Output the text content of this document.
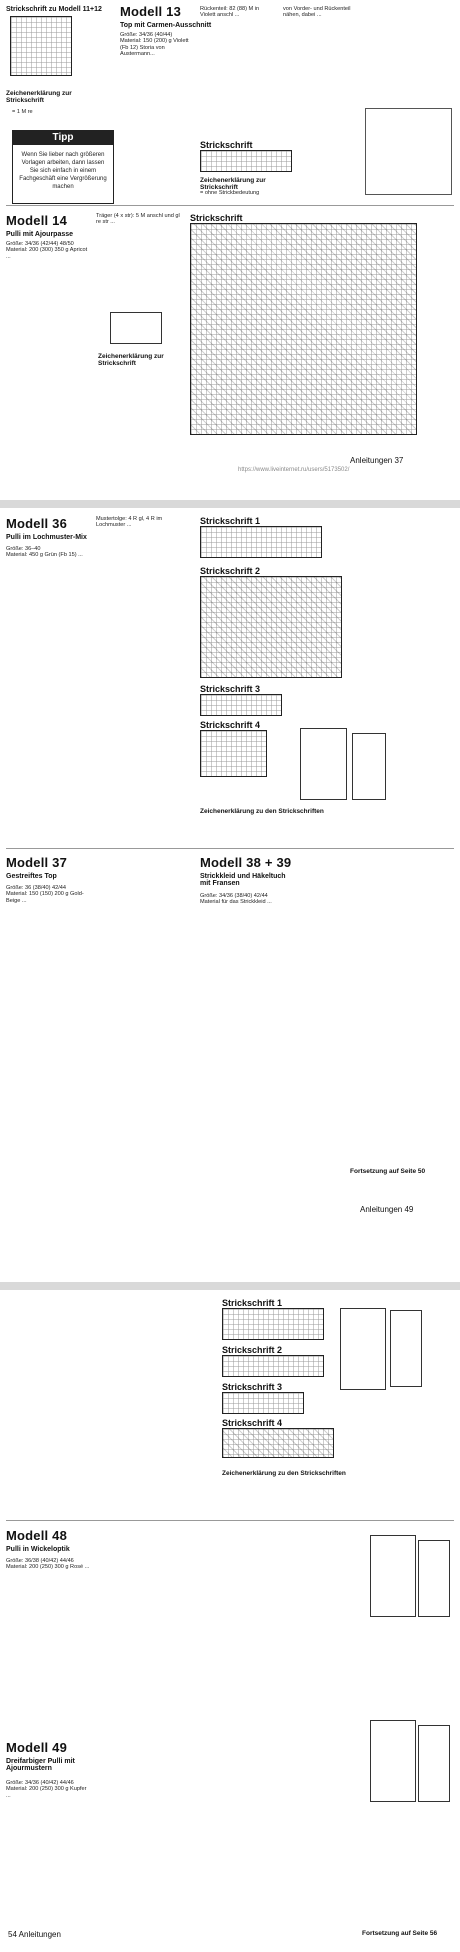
Strickschrift zu Modell 11+12
Zeichenerklärung zur Strickschrift
= 1 M re
Tipp
Wenn Sie lieber nach größeren Vorlagen arbeiten, dann lassen Sie sich einfach in einem Fachgeschäft eine Vergrößerung machen
Modell 13
Top mit Carmen-Ausschnitt
Größe: 34/36 (40/44)
Material: 150 (200) g Violett (Fb 12) Storia von Austermann...
Rückenteil: 82 (88) M in Violett anschl ...
von Vorder- und Rückenteil nähen, dabei ...
Strickschrift
Zeichenerklärung zur Strickschrift
= ohne Strickbedeutung
Modell 14
Pulli mit Ajourpasse
Größe: 34/36 (42/44) 48/50
Material: 200 (300) 350 g Apricot ...
Träger (4 x str): 5 M anschl und gl re str ...
Zeichenerklärung zur Strickschrift
Strickschrift
Anleitungen 37
https://www.liveinternet.ru/users/5173502/
Modell 36
Pulli im Lochmuster-Mix
Größe: 36–40
Material: 450 g Grün (Fb 15) ...
Mustertolge: 4 R gl, 4 R im Lochmuster ...	Strickschrift 1
Strickschrift 2
Strickschrift 3
Strickschrift 4
Zeichenerklärung zu den Strickschriften
Modell 37
Gestreiftes Top
Größe: 36 (38/40) 42/44
Material: 150 (150) 200 g Gold-Beige ...
Modell 38 + 39
Strickkleid und Häkeltuch mit Fransen
Größe: 34/36 (38/40) 42/44
Material für das Strickkleid ...
Fortsetzung auf Seite 50
Anleitungen 49
Strickschrift 1
Strickschrift 2
Strickschrift 3
Strickschrift 4
Zeichenerklärung zu den Strickschriften
Modell 48
Pulli in Wickeloptik
Größe: 36/38 (40/42) 44/46
Material: 200 (250) 300 g Rosé ...
Modell 49
Dreifarbiger Pulli mit Ajourmustern
Größe: 34/36 (40/42) 44/46
Material: 200 (250) 300 g Kupfer ...
Fortsetzung auf Seite 56
54 Anleitungen
